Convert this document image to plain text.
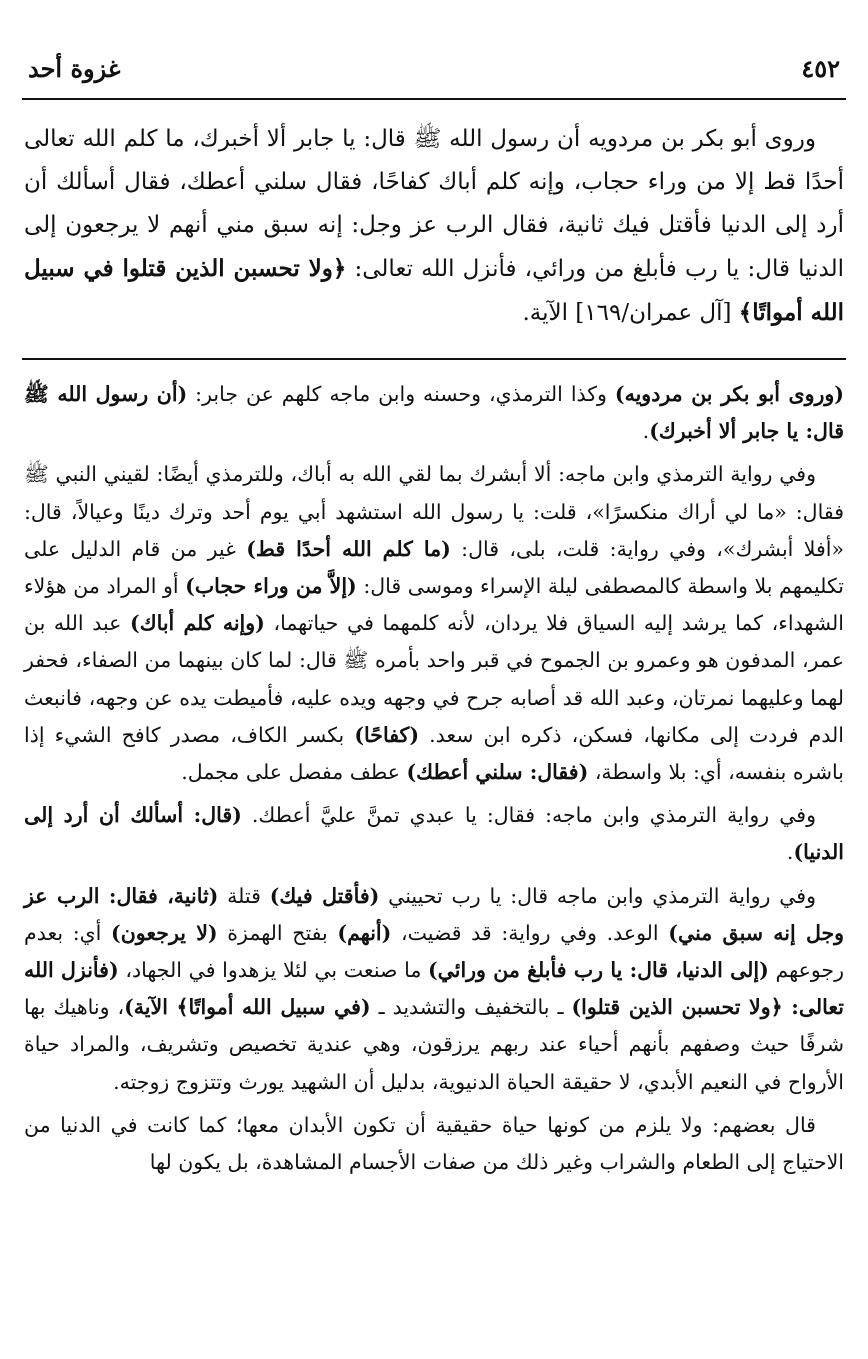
٤٥٢
غزوة أحد

وروى أبو بكر بن مردويه أن رسول الله ﷺ قال: يا جابر ألا أخبرك، ما كلم الله تعالى أحدًا قط إلا من وراء حجاب، وإنه كلم أباك كفاحًا، فقال سلني أعطك، فقال أسألك أن أرد إلى الدنيا فأقتل فيك ثانية، فقال الرب عز وجل: إنه سبق مني أنهم لا يرجعون إلى الدنيا قال: يا رب فأبلغ من ورائي، فأنزل الله تعالى: ﴿ولا تحسبن الذين قتلوا في سبيل الله أمواتًا﴾ [آل عمران/١٦٩] الآية.

(وروى أبو بكر بن مردويه) وكذا الترمذي، وحسنه وابن ماجه كلهم عن جابر: (أن رسول الله ﷺ قال: يا جابر ألا أخبرك).

وفي رواية الترمذي وابن ماجه: ألا أبشرك بما لقي الله به أباك، وللترمذي أيضًا: لقيني النبي ﷺ فقال: «ما لي أراك منكسرًا»، قلت: يا رسول الله استشهد أبي يوم أحد وترك دينًا وعيالاً، قال: «أفلا أبشرك»، وفي رواية: قلت، بلى، قال: (ما كلم الله أحدًا قط) غير من قام الدليل على تكليمهم بلا واسطة كالمصطفى ليلة الإسراء وموسى قال: (إلاَّ من وراء حجاب) أو المراد من هؤلاء الشهداء، كما يرشد إليه السياق فلا يردان، لأنه كلمهما في حياتهما، (وإنه كلم أباك) عبد الله بن عمر، المدفون هو وعمرو بن الجموح في قبر واحد بأمره ﷺ قال: لما كان بينهما من الصفاء، فحفر لهما وعليهما نمرتان، وعبد الله قد أصابه جرح في وجهه ويده عليه، فأميطت يده عن وجهه، فانبعث الدم فردت إلى مكانها، فسكن، ذكره ابن سعد. (كفاحًا) بكسر الكاف، مصدر كافح الشيء إذا باشره بنفسه، أي: بلا واسطة، (فقال: سلني أعطك) عطف مفصل على مجمل.

وفي رواية الترمذي وابن ماجه: فقال: يا عبدي تمنَّ عليَّ أعطك. (قال: أسألك أن أرد إلى الدنيا).

وفي رواية الترمذي وابن ماجه قال: يا رب تحييني (فأقتل فيك) قتلة (ثانية، فقال: الرب عز وجل إنه سبق مني) الوعد. وفي رواية: قد قضيت، (أنهم) بفتح الهمزة (لا يرجعون) أي: بعدم رجوعهم (إلى الدنيا، قال: يا رب فأبلغ من ورائي) ما صنعت بي لئلا يزهدوا في الجهاد، (فأنزل الله تعالى: ﴿ولا تحسبن الذين قتلوا) ـ بالتخفيف والتشديد ـ (في سبيل الله أمواتًا﴾ الآية)، وناهيك بها شرفًا حيث وصفهم بأنهم أحياء عند ربهم يرزقون، وهي عندية تخصيص وتشريف، والمراد حياة الأرواح في النعيم الأبدي، لا حقيقة الحياة الدنيوية، بدليل أن الشهيد يورث وتتزوج زوجته.

قال بعضهم: ولا يلزم من كونها حياة حقيقية أن تكون الأبدان معها؛ كما كانت في الدنيا من الاحتياج إلى الطعام والشراب وغير ذلك من صفات الأجسام المشاهدة، بل يكون لها
